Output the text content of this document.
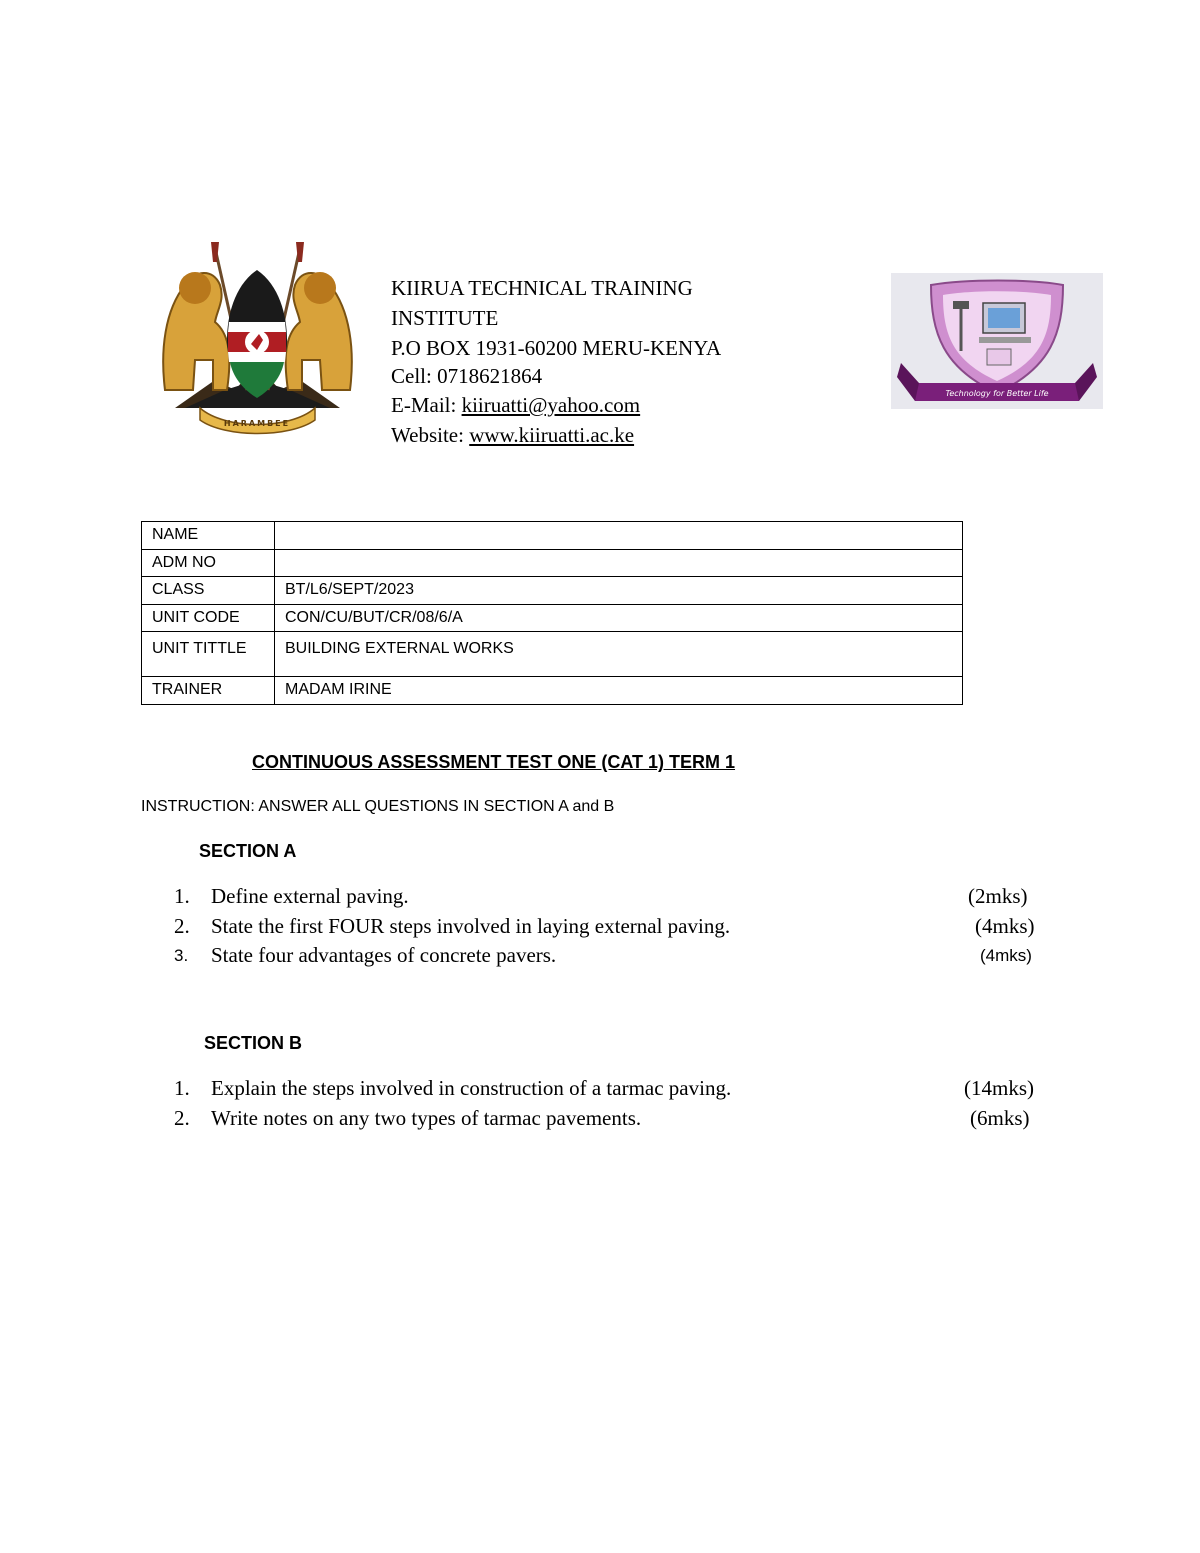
HARAMBEE
Technology for Better Life
KIIRUA TECHNICAL TRAINING
INSTITUTE
P.O BOX 1931-60200 MERU-KENYA
Cell: 0718621864
E-Mail: kiiruatti@yahoo.com
Website: www.kiiruatti.ac.ke
NAME	
ADM NO	
CLASS	BT/L6/SEPT/2023
UNIT CODE	CON/CU/BUT/CR/08/6/A
UNIT TITTLE	BUILDING EXTERNAL WORKS
TRAINER	MADAM IRINE
CONTINUOUS ASSESSMENT TEST ONE (CAT 1) TERM 1
INSTRUCTION: ANSWER ALL QUESTIONS IN SECTION A and B
SECTION A
1. Define external paving.	(2mks)
2. State the first FOUR steps involved in laying external paving.	(4mks)
3. State four advantages of concrete pavers.	(4mks)
SECTION B
1. Explain the steps involved in construction of a tarmac paving.	(14mks)
2. Write notes on any two types of tarmac pavements.	(6mks)
